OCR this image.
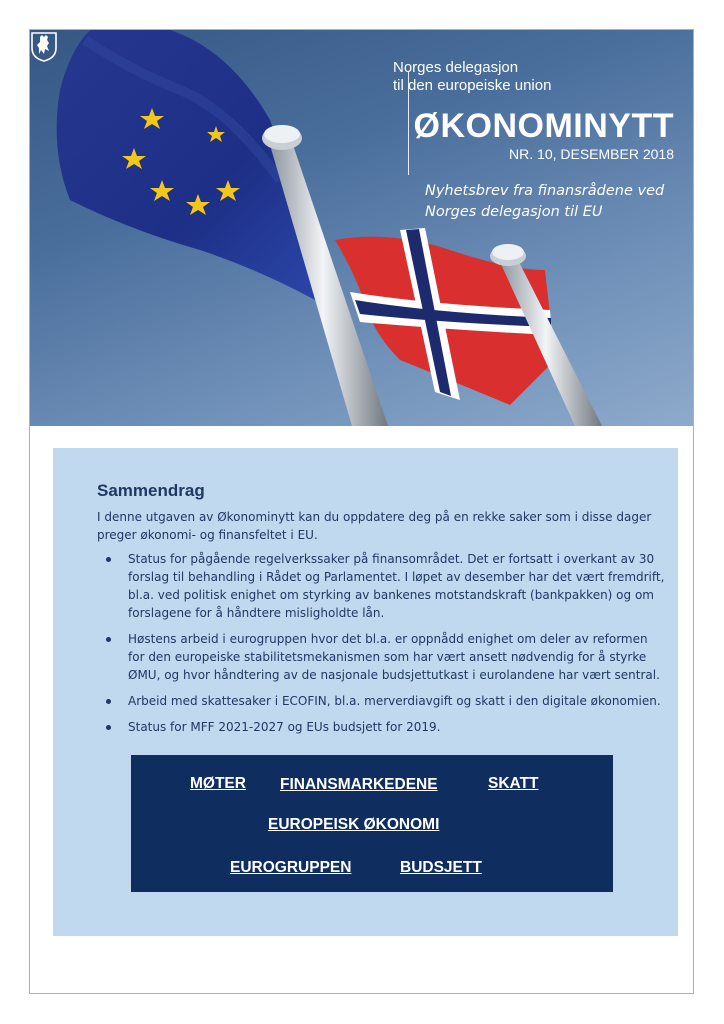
Norges delegasjon
til den europeiske union
ØKONOMINYTT
NR. 10, DESEMBER 2018
Nyhetsbrev fra finansrådene ved
Norges delegasjon til EU
Sammendrag
I denne utgaven av Økonominytt kan du oppdatere deg på en rekke saker som i disse dager preger økonomi- og finansfeltet i EU.
Status for pågående regelverkssaker på finansområdet. Det er fortsatt i overkant av 30 forslag til behandling i Rådet og Parlamentet. I løpet av desember har det vært fremdrift, bl.a. ved politisk enighet om styrking av bankenes motstandskraft (bankpakken) og om forslagene for å håndtere misligholdte lån.
Høstens arbeid i eurogruppen hvor det bl.a. er oppnådd enighet om deler av reformen for den europeiske stabilitetsmekanismen som har vært ansett nødvendig for å styrke ØMU, og hvor håndtering av de nasjonale budsjettutkast i eurolandene har vært sentral.
Arbeid med skattesaker i ECOFIN, bl.a. merverdiavgift og skatt i den digitale økonomien.
Status for MFF 2021-2027 og EUs budsjett for 2019.
MØTER FINANSMARKEDENE	SKATT
EUROPEISK ØKONOMI
EUROGRUPPEN	BUDSJETT
